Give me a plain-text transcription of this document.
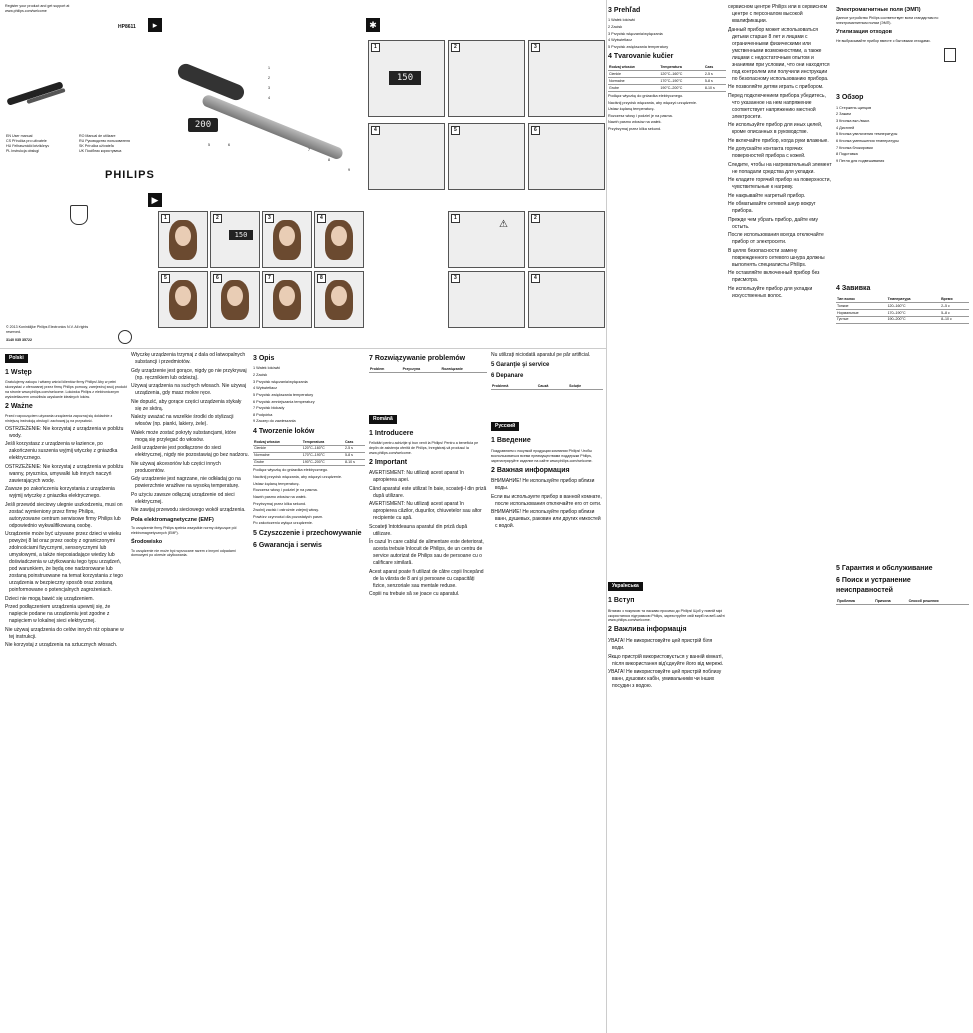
Register your product and get support at
www.philips.com/welcome
HP8611
EN User manual	RO Manual de utilizare
CS Příručka pro uživatele	RU Руководство пользователя
HU Felhasználói kézikönyv	SK Príručka užívateľa
PL Instrukcja obsługi	UK Посібник користувача
PHILIPS
© 2013 Koninklijke Philips Electronics N.V. All rights reserved.
3140 035 35722
▸
200
1
2
3
4
5	6
7
8
9
✱
1
150
2	3
4	5	6
▶
1	2
150
3	4
5	6	7	8
1
⚠
2
3	4
Polski
1 Wstęp

Gratulujemy zakupu i witamy wśród klientów firmy Philips! Aby w pełni skorzystać z oferowanej przez firmę Philips pomocy, zarejestruj swój produkt na stronie www.philips.com/welcome. Lokówka Philips z elektronicznym wyświetlaczem umożliwia uzyskanie idealnych loków.

2 Ważne

Przed rozpoczęciem używania urządzenia zapoznaj się dokładnie z niniejszą instrukcją obsługi i zachowaj ją na przyszłość.

OSTRZEŻENIE: Nie korzystaj z urządzenia w pobliżu wody.
Jeśli korzystasz z urządzenia w łazience, po zakończeniu suszenia wyjmij wtyczkę z gniazdka elektrycznego.
OSTRZEŻENIE: Nie korzystaj z urządzenia w pobliżu wanny, prysznica, umywalki lub innych naczyń zawierających wodę.
Zawsze po zakończeniu korzystania z urządzenia wyjmij wtyczkę z gniazdka elektrycznego.
Jeśli przewód sieciowy ulegnie uszkodzeniu, musi on zostać wymieniony przez firmę Philips, autoryzowane centrum serwisowe firmy Philips lub odpowiednio wykwalifikowaną osobę.
Urządzenie może być używane przez dzieci w wieku powyżej 8 lat oraz przez osoby z ograniczonymi zdolnościami fizycznymi, sensorycznymi lub umysłowymi, a także nieposiadające wiedzy lub doświadczenia w użytkowaniu tego typu urządzeń, pod warunkiem, że będą one nadzorowane lub zostaną poinstruowane na temat korzystania z tego urządzenia w bezpieczny sposób oraz zostaną poinformowane o potencjalnych zagrożeniach.
Dzieci nie mogą bawić się urządzeniem.
Przed podłączeniem urządzenia upewnij się, że napięcie podane na urządzeniu jest zgodne z napięciem w lokalnej sieci elektrycznej.
Nie używaj urządzenia do celów innych niż opisane w tej instrukcji.
Nie korzystaj z urządzenia na sztucznych włosach.
Wtyczkę urządzenia trzymaj z dala od łatwopalnych substancji i przedmiotów.
Gdy urządzenie jest gorące, nigdy go nie przykrywaj (np. ręcznikiem lub odzieżą).
Używaj urządzenia na suchych włosach. Nie używaj urządzenia, gdy masz mokre ręce.
Nie dopuść, aby gorące części urządzenia stykały się ze skórą.
Należy uważać na wszelkie środki do stylizacji włosów (np. pianki, lakiery, żele).
Wałek może zostać pokryty substancjami, które mogą się przylegać do włosów.
Jeśli urządzenie jest podłączone do sieci elektrycznej, nigdy nie pozostawiaj go bez nadzoru.
Nie używaj akcesoriów lub części innych producentów.
Gdy urządzenie jest nagrzane, nie odkładaj go na powierzchnie wrażliwe na wysoką temperaturę.
Po użyciu zawsze odłączaj urządzenie od sieci elektrycznej.
Nie zawijaj przewodu sieciowego wokół urządzenia.
Pola elektromagnetyczne (EMF)

To urządzenie firmy Philips spełnia wszystkie normy dotyczące pól elektromagnetycznych (EMF).

Środowisko

To urządzenie nie może być wyrzucane razem z innymi odpadami domowymi po okresie użytkowania.

3 Opis
1 Wałek lokówki
2 Zacisk
3 Przycisk włączania/wyłączania
4 Wyświetlacz
5 Przycisk zwiększania temperatury
6 Przycisk zmniejszania temperatury
7 Przycisk blokady
8 Podpórka
9 Zaczep do zawieszania
4 Tworzenie loków
Rodzaj włosów	Temperatura	Czas
Cienkie	120°C–160°C	2-5 s
Normalne	170°C–190°C	5-8 s
Grube	190°C–200°C	8-10 s
Podłącz wtyczkę do gniazdka elektrycznego.
Naciśnij przycisk włączania, aby włączyć urządzenie.
Ustaw żądaną temperaturę.
Rozczesz włosy i podziel je na pasma.
Nawiń pasmo włosów na wałek.
Przytrzymaj przez kilka sekund.
Zwolnij zacisk i ostrożnie zdejmij włosy.
Powtórz czynności dla pozostałych pasm.
Po zakończeniu wyłącz urządzenie.
5 Czyszczenie i przechowywanie
6 Gwarancja i serwis
7 Rozwiązywanie problemów
Problem	Przyczyna	Rozwiązanie
Română
1 Introducere

Felicitări pentru achiziţie şi bun venit la Philips! Pentru a beneficia pe deplin de asistenţa oferită de Philips, înregistraţi-vă produsul la www.philips.com/welcome.

2 Important
AVERTISMENT: Nu utilizaţi acest aparat în apropierea apei.
Când aparatul este utilizat în baie, scoateţi-l din priză după utilizare.
AVERTISMENT: Nu utilizaţi acest aparat în apropierea căzilor, duşurilor, chiuvetelor sau altor recipiente cu apă.
Scoateţi întotdeauna aparatul din priză după utilizare.
În cazul în care cablul de alimentare este deteriorat, acesta trebuie înlocuit de Philips, de un centru de service autorizat de Philips sau de persoane cu o calificare similară.
Acest aparat poate fi utilizat de către copii începând de la vârsta de 8 ani şi persoane cu capacităţi fizice, senzoriale sau mentale reduse.
Copiii nu trebuie să se joace cu aparatul.
Nu utilizaţi niciodată aparatul pe păr artificial.
5 Garanţie şi service
6 Depanare
Problemă	Cauză	Soluţie
Русский
1 Введение

Поздравляем с покупкой продукции компании Philips! Чтобы воспользоваться всеми преимуществами поддержки Philips, зарегистрируйте изделие на сайте www.philips.com/welcome.

2 Важная информация
ВНИМАНИЕ! Не используйте прибор вблизи воды.
Если вы используете прибор в ванной комнате, после использования отключайте его от сети.
ВНИМАНИЕ! Не используйте прибор вблизи ванн, душевых, раковин или других емкостей с водой.
3 Prehľad
1 Wałek lokówki
2 Zacisk
3 Przycisk włączania/wyłączania
4 Wyświetlacz
5 Przycisk zwiększania temperatury
4 Tvarovanie kučier
Rodzaj włosów	Temperatura	Czas
Cienkie	120°C–160°C	2-5 s
Normalne	170°C–190°C	5-8 s
Grube	190°C–200°C	8-10 s
Podłącz wtyczkę do gniazdka elektrycznego.
Naciśnij przycisk włączania, aby włączyć urządzenie.
Ustaw żądaną temperaturę.
Rozczesz włosy i podziel je na pasma.
Nawiń pasmo włosów na wałek.
Przytrzymaj przez kilka sekund.
сервисном центре Philips или в сервисном центре с персоналом высокой квалификации.
Данный прибор может использоваться детьми старше 8 лет и лицами с ограниченными физическими или умственными возможностями, а также лицами с недостаточным опытом и знаниями при условии, что они находятся под контролем или получили инструкции по безопасному использованию прибора.
Не позволяйте детям играть с прибором.
Перед подключением прибора убедитесь, что указанное на нем напряжение соответствует напряжению местной электросети.
Не используйте прибор для иных целей, кроме описанных в руководстве.
Не включайте прибор, когда руки влажные.
Не допускайте контакта горячих поверхностей прибора с кожей.
Следите, чтобы на нагревательный элемент не попадали средства для укладки.
Не кладите горячий прибор на поверхности, чувствительные к нагреву.
Не накрывайте нагретый прибор.
Не обматывайте сетевой шнур вокруг прибора.
Прежде чем убрать прибор, дайте ему остыть.
После использования всегда отключайте прибор от электросети.
В целях безопасности замену поврежденного сетевого шнура должны выполнять специалисты Philips.
Не оставляйте включенный прибор без присмотра.
Не используйте прибор для укладки искусственных волос.
Электромагнитные поля (ЭМП)

Данное устройство Philips соответствует всем стандартам по электромагнитным полям (ЭМП).

Утилизация отходов

Не выбрасывайте прибор вместе с бытовыми отходами.

3 Обзор
1 Стержень щипцов
2 Зажим
3 Кнопка вкл./выкл.
4 Дисплей
5 Кнопка увеличения температуры
6 Кнопка уменьшения температуры
7 Кнопка блокировки
8 Подставка
9 Петля для подвешивания
4 Завивка
Тип волос	Температура	Время
Тонкие	120–160°C	2–5 с
Нормальные	170–190°C	5–8 с
Густые	190–200°C	8–10 с
5 Гарантия и обслуживание
6 Поиск и устранение неисправностей
Проблема	Причина	Способ решения
Українська
1 Вступ

Вітаємо з покупкою та ласкаво просимо до Philips! Щоб у повній мірі скористатися підтримкою Philips, зареєструйте свій виріб на веб-сайті www.philips.com/welcome.

2 Важлива інформація
УВАГА! Не використовуйте цей пристрій біля води.
Якщо пристрій використовується у ванній кімнаті, після використання від'єднуйте його від мережі.
УВАГА! Не використовуйте цей пристрій поблизу ванн, душових кабін, умивальників чи інших посудин з водою.
